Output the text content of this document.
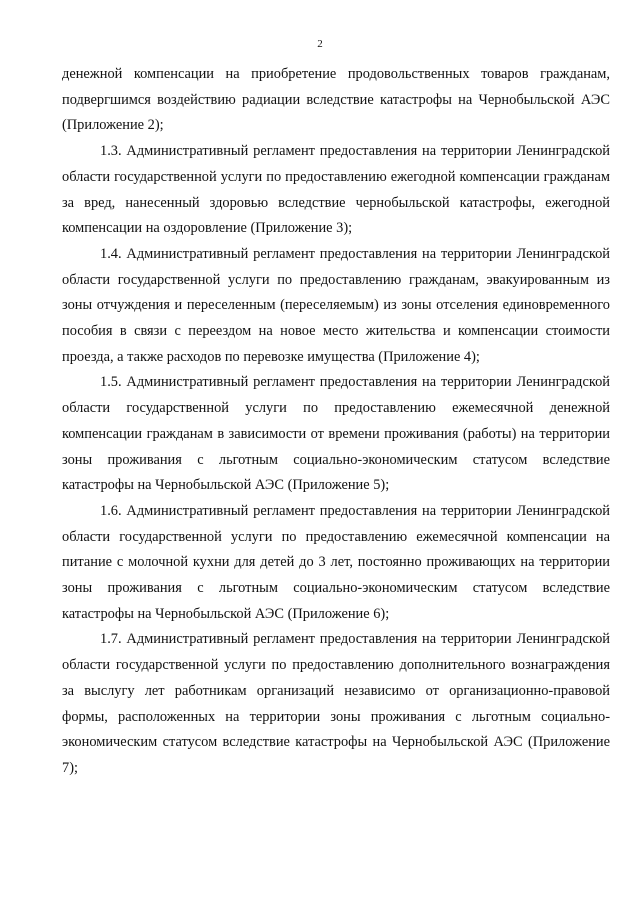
2

денежной компенсации на приобретение продовольственных товаров гражданам, подвергшимся воздействию радиации вследствие катастрофы на Чернобыльской АЭС (Приложение 2);

1.3. Административный регламент предоставления на территории Ленинградской области государственной услуги по предоставлению ежегодной компенсации гражданам за вред, нанесенный здоровью вследствие чернобыльской катастрофы, ежегодной компенсации на оздоровление (Приложение 3);

1.4. Административный регламент предоставления на территории Ленинградской области государственной услуги по предоставлению гражданам, эвакуированным из зоны отчуждения и переселенным (переселяемым) из зоны отселения единовременного пособия в связи с переездом на новое место жительства и компенсации стоимости проезда, а также расходов по перевозке имущества (Приложение 4);

1.5. Административный регламент предоставления на территории Ленинградской области государственной услуги по предоставлению ежемесячной денежной компенсации гражданам в зависимости от времени проживания (работы) на территории зоны проживания с льготным социально-экономическим статусом вследствие катастрофы на Чернобыльской АЭС (Приложение 5);

1.6. Административный регламент предоставления на территории Ленинградской области государственной услуги по предоставлению ежемесячной компенсации на питание с молочной кухни для детей до 3 лет, постоянно проживающих на территории зоны проживания с льготным социально-экономическим статусом вследствие катастрофы на Чернобыльской АЭС (Приложение 6);

1.7. Административный регламент предоставления на территории Ленинградской области государственной услуги по предоставлению дополнительного вознаграждения за выслугу лет работникам организаций независимо от организационно-правовой формы, расположенных на территории зоны проживания с льготным социально-экономическим статусом вследствие катастрофы на Чернобыльской АЭС (Приложение 7);
